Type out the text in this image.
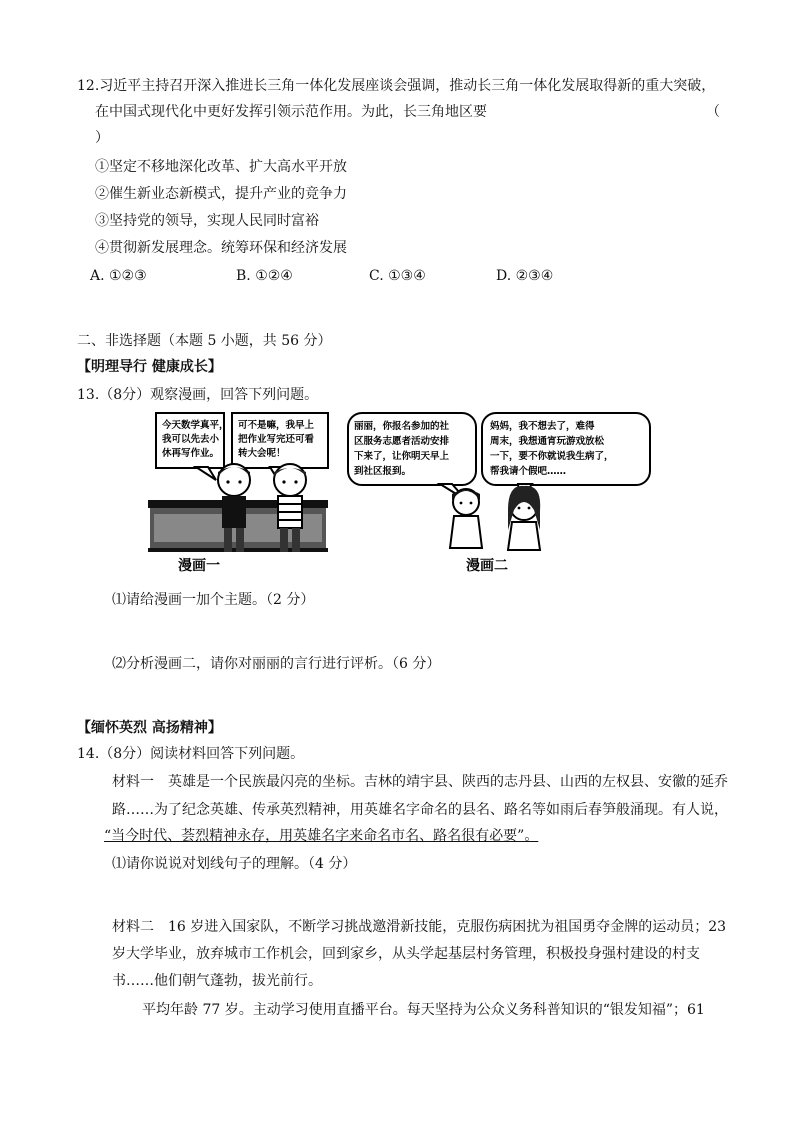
12.习近平主持召开深入推进长三角一体化发展座谈会强调，推动长三角一体化发展取得新的重大突破，
在中国式现代化中更好发挥引领示范作用。为此，长三角地区要	（
）
①坚定不移地深化改革、扩大高水平开放
②催生新业态新模式，提升产业的竞争力
③坚持党的领导，实现人民同时富裕
④贯彻新发展理念。统筹环保和经济发展
A. ①②③	B. ①②④	C. ①③④	D. ②③④
二、非选择题（本题 5 小题，共 56 分）
【明理导行 健康成长】
13.（8分）观察漫画，回答下列问题。
今天数学真平，
我可以先去小
休再写作业。
可不是嘛，我早上
把作业写完还可看
转大会呢！
漫画一
丽丽，你报名参加的社
区服务志愿者活动安排
下来了，让你明天早上
到社区报到。
妈妈，我不想去了，难得
周末，我想通宵玩游戏放松
一下，要不你就说我生病了，
帮我请个假吧……
漫画二
⑴请给漫画一加个主题。（2 分）
⑵分析漫画二，请你对丽丽的言行进行评析。（6 分）
【缅怀英烈 高扬精神】
14.（8分）阅读材料回答下列问题。
材料一　英雄是一个民族最闪亮的坐标。吉林的靖宇县、陕西的志丹县、山西的左权县、安徽的延乔
路……为了纪念英雄、传承英烈精神，用英雄名字命名的县名、路名等如雨后春笋般涌现。有人说，
“当今时代、荟烈精神永存，用英雄名字来命名市名、路名很有必要”。
⑴请你说说对划线句子的理解。（4 分）
材料二　16 岁进入国家队，不断学习挑战邀滑新技能，克服伤病困扰为祖国勇夺金牌的运动员；23
岁大学毕业，放弃城市工作机会，回到家乡，从头学起基层村务管理，积极投身强村建设的村支
书……他们朝气蓬勃，拔光前行。
平均年龄 77 岁。主动学习使用直播平台。每天坚持为公众义务科普知识的“银发知福”；61
